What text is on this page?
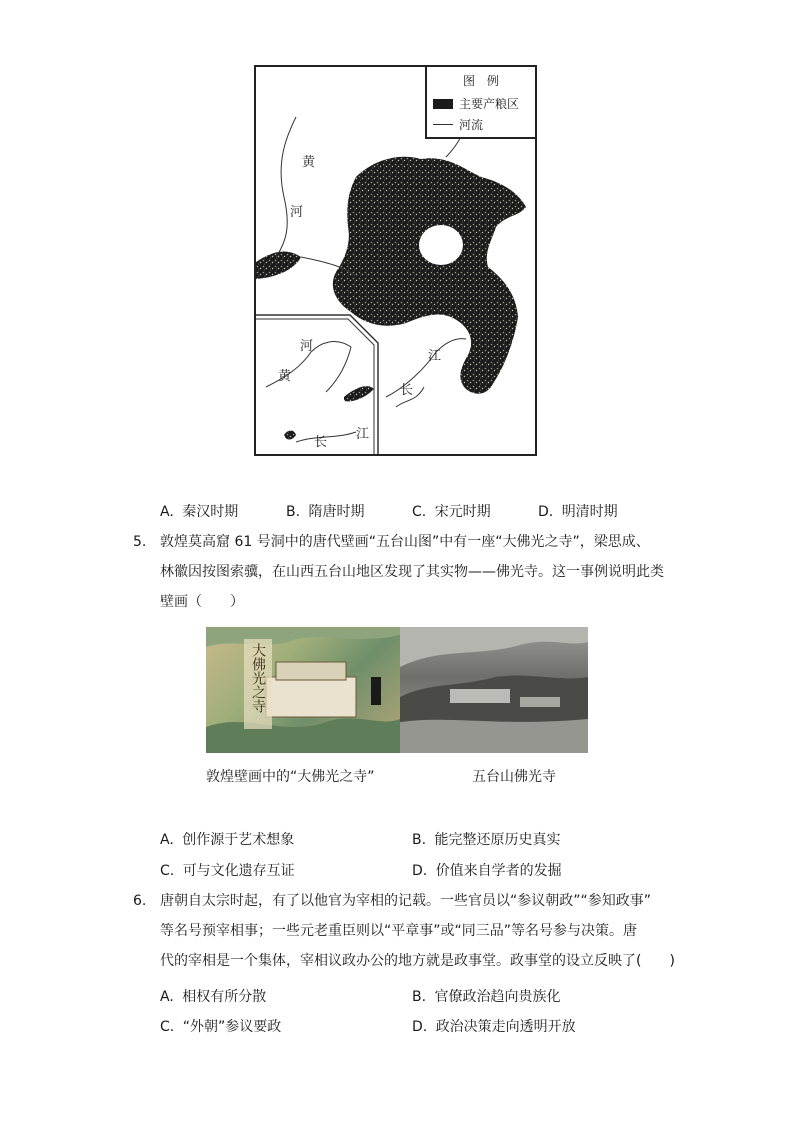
图 例
主要产粮区
河流
黄
河
江
长
河
黄
长
江
A. 秦汉时期	B. 隋唐时期	C. 宋元时期	D. 明清时期
5. 敦煌莫高窟 61 号洞中的唐代壁画“五台山图”中有一座“大佛光之寺”，梁思成、
林徽因按图索骥，在山西五台山地区发现了其实物——佛光寺。这一事例说明此类
壁画（　　）
大佛光之寺
敦煌壁画中的“大佛光之寺”	五台山佛光寺
A. 创作源于艺术想象	B. 能完整还原历史真实
C. 可与文化遗存互证	D. 价值来自学者的发掘
6. 唐朝自太宗时起，有了以他官为宰相的记载。一些官员以“参议朝政”“参知政事”
等名号预宰相事；一些元老重臣则以“平章事”或“同三品”等名号参与决策。唐
代的宰相是一个集体，宰相议政办公的地方就是政事堂。政事堂的设立反映了(　　)
A. 相权有所分散	B. 官僚政治趋向贵族化
C. “外朝”参议要政	D. 政治决策走向透明开放
